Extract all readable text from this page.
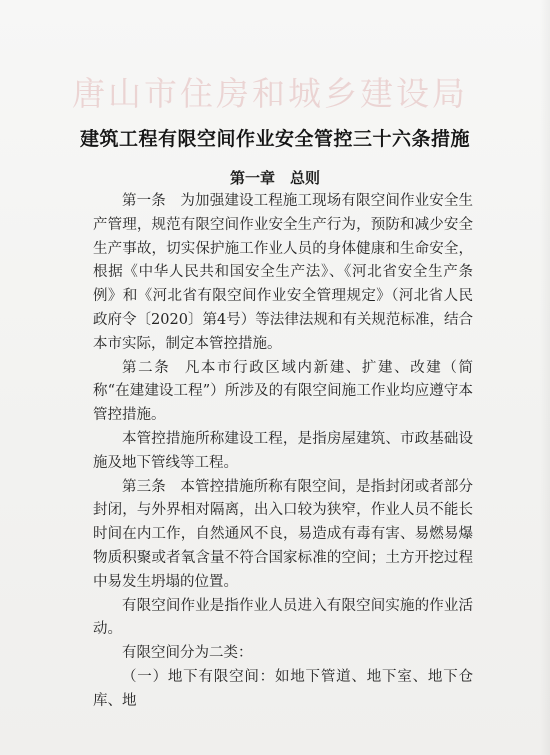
唐山市住房和城乡建设局
建筑工程有限空间作业安全管控三十六条措施
第一章　总则

第一条 为加强建设工程施工现场有限空间作业安全生产管理，规范有限空间作业安全生产行为，预防和减少安全生产事故，切实保护施工作业人员的身体健康和生命安全，根据《中华人民共和国安全生产法》、《河北省安全生产条例》和《河北省有限空间作业安全管理规定》（河北省人民政府令〔2020〕第4号）等法律法规和有关规范标准，结合本市实际，制定本管控措施。

第二条 凡本市行政区域内新建、扩建、改建（简称“在建建设工程”）所涉及的有限空间施工作业均应遵守本管控措施。

本管控措施所称建设工程，是指房屋建筑、市政基础设施及地下管线等工程。

第三条 本管控措施所称有限空间，是指封闭或者部分封闭，与外界相对隔离，出入口较为狭窄，作业人员不能长时间在内工作，自然通风不良，易造成有毒有害、易燃易爆物质积聚或者氧含量不符合国家标准的空间；土方开挖过程中易发生坍塌的位置。

有限空间作业是指作业人员进入有限空间实施的作业活动。

有限空间分为二类：

（一）地下有限空间：如地下管道、地下室、地下仓库、地
